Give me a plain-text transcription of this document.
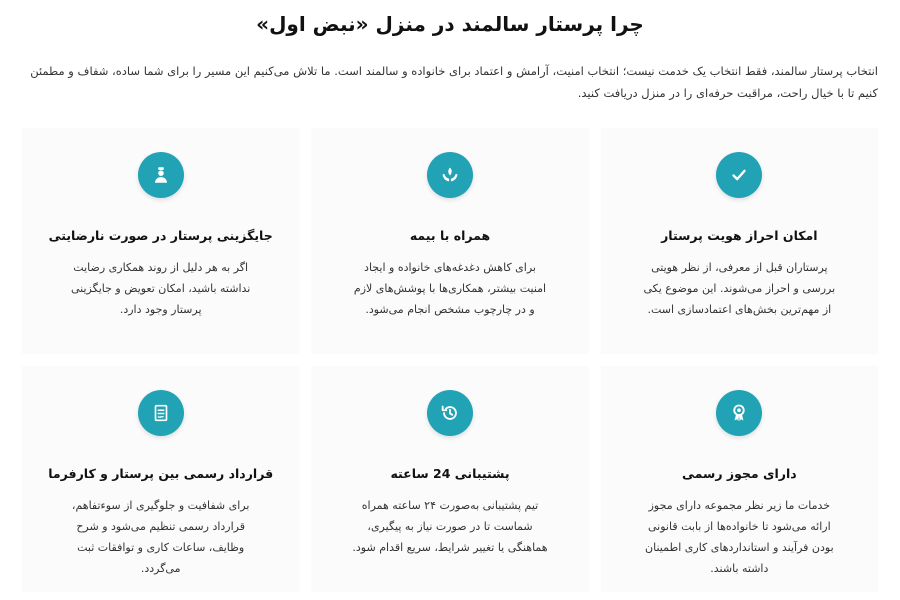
چرا پرستار سالمند در منزل «نبض اول»
انتخاب پرستار سالمند، فقط انتخاب یک خدمت نیست؛ انتخاب امنیت، آرامش و اعتماد برای خانواده و سالمند است. ما تلاش می‌کنیم این مسیر را برای شما ساده، شفاف و مطمئن کنیم تا با خیال راحت، مراقبت حرفه‌ای را در منزل دریافت کنید.
امکان احراز هویت پرستار
پرستاران قبل از معرفی، از نظر هویتی بررسی و احراز می‌شوند. این موضوع یکی از مهم‌ترین بخش‌های اعتمادسازی است.
همراه با بیمه
برای کاهش دغدغه‌های خانواده و ایجاد امنیت بیشتر، همکاری‌ها با پوشش‌های لازم و در چارچوب مشخص انجام می‌شود.
جایگزینی پرستار در صورت نارضایتی
اگر به هر دلیل از روند همکاری رضایت نداشته باشید، امکان تعویض و جایگزینی پرستار وجود دارد.
دارای مجوز رسمی
خدمات ما زیر نظر مجموعه دارای مجوز ارائه می‌شود تا خانواده‌ها از بابت قانونی بودن فرآیند و استانداردهای کاری اطمینان داشته باشند.
پشتیبانی 24 ساعته
تیم پشتیبانی به‌صورت ۲۴ ساعته همراه شماست تا در صورت نیاز به پیگیری، هماهنگی یا تغییر شرایط، سریع اقدام شود.
قرارداد رسمی بین پرستار و کارفرما
برای شفافیت و جلوگیری از سوءتفاهم، قرارداد رسمی تنظیم می‌شود و شرح وظایف، ساعات کاری و توافقات ثبت می‌گردد.
